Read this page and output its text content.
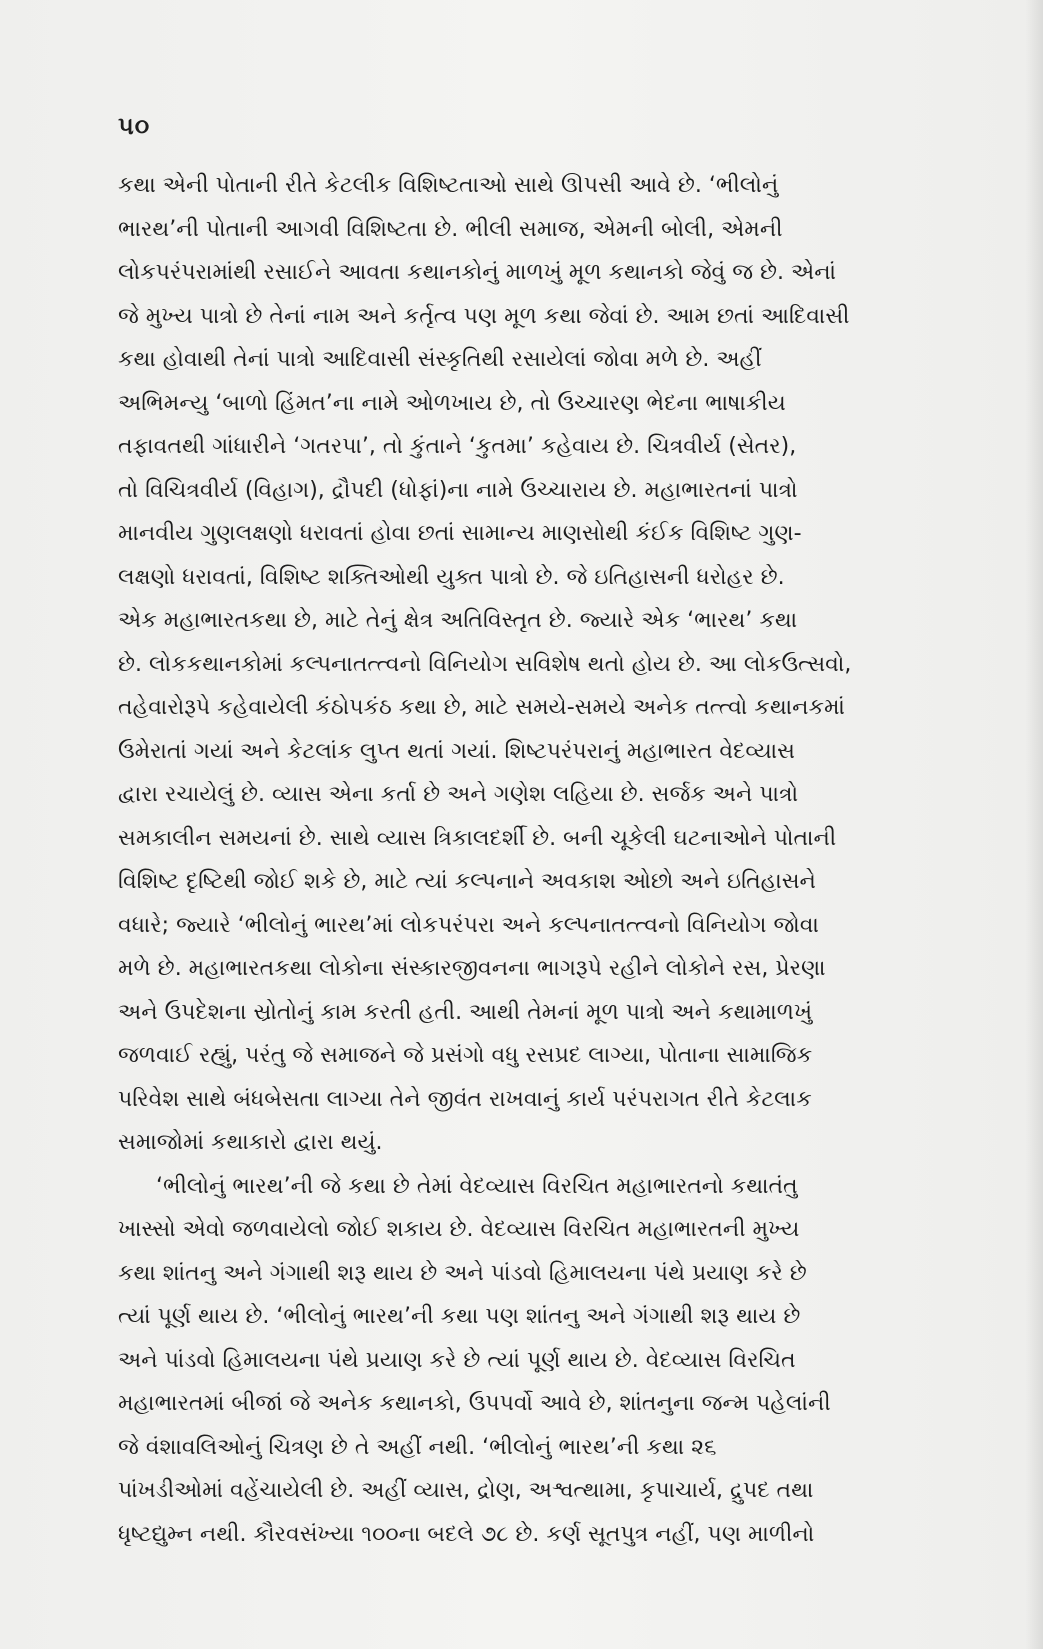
૫૦
કથા એની પોતાની રીતે કેટલીક વિશિષ્ટતાઓ સાથે ઊપસી આવે છે. ‘ભીલોનું
ભારથ’ની પોતાની આગવી વિશિષ્ટતા છે. ભીલી સમાજ, એમની બોલી, એમની
લોકપરંપરામાંથી રસાઈને આવતા કથાનકોનું માળખું મૂળ કથાનકો જેવું જ છે. એનાં
જે મુખ્ય પાત્રો છે તેનાં નામ અને કર્તૃત્વ પણ મૂળ કથા જેવાં છે. આમ છતાં આદિવાસી
કથા હોવાથી તેનાં પાત્રો આદિવાસી સંસ્કૃતિથી રસાયેલાં જોવા મળે છે. અહીં
અભિમન્યુ ‘બાળો હિંમત’ના નામે ઓળખાય છે, તો ઉચ્ચારણ ભેદના ભાષાકીય
તફાવતથી ગાંધારીને ‘ગતરપા’, તો કુંતાને ‘કુતમા’ કહેવાય છે. ચિત્રવીર્ય (સેતર),
તો વિચિત્રવીર્ય (વિહાગ), દ્રૌપદી (ધોફાં)ના નામે ઉચ્ચારાય છે. મહાભારતનાં પાત્રો
માનવીય ગુણલક્ષણો ધરાવતાં હોવા છતાં સામાન્ય માણસોથી કંઈક વિશિષ્ટ ગુણ-
લક્ષણો ધરાવતાં, વિશિષ્ટ શક્તિઓથી યુક્ત પાત્રો છે. જે ઇતિહાસની ધરોહર છે.
એક મહાભારતકથા છે, માટે તેનું ક્ષેત્ર અતિવિસ્તૃત છે. જ્યારે એક ‘ભારથ’ કથા
છે. લોકકથાનકોમાં કલ્પનાતત્ત્વનો વિનિયોગ સવિશેષ થતો હોય છે. આ લોકઉત્સવો,
તહેવારોરૂપે કહેવાયેલી કંઠોપકંઠ કથા છે, માટે સમયે-સમયે અનેક તત્ત્વો કથાનકમાં
ઉમેરાતાં ગયાં અને કેટલાંક લુપ્ત થતાં ગયાં. શિષ્ટપરંપરાનું મહાભારત વેદવ્યાસ
દ્વારા રચાયેલું છે. વ્યાસ એના કર્તા છે અને ગણેશ લહિયા છે. સર્જક અને પાત્રો
સમકાલીન સમયનાં છે. સાથે વ્યાસ ત્રિકાલદર્શી છે. બની ચૂકેલી ઘટનાઓને પોતાની
વિશિષ્ટ દૃષ્ટિથી જોઈ શકે છે, માટે ત્યાં કલ્પનાને અવકાશ ઓછો અને ઇતિહાસને
વધારે; જ્યારે ‘ભીલોનું ભારથ’માં લોકપરંપરા અને કલ્પનાતત્ત્વનો વિનિયોગ જોવા
મળે છે. મહાભારતકથા લોકોના સંસ્કારજીવનના ભાગરૂપે રહીને લોકોને રસ, પ્રેરણા
અને ઉપદેશના સ્રોતોનું કામ કરતી હતી. આથી તેમનાં મૂળ પાત્રો અને કથામાળખું
જળવાઈ રહ્યું, પરંતુ જે સમાજને જે પ્રસંગો વધુ રસપ્રદ લાગ્યા, પોતાના સામાજિક
પરિવેશ સાથે બંધબેસતા લાગ્યા તેને જીવંત રાખવાનું કાર્ય પરંપરાગત રીતે કેટલાક
સમાજોમાં કથાકારો દ્વારા થયું.
‘ભીલોનું ભારથ’ની જે કથા છે તેમાં વેદવ્યાસ વિરચિત મહાભારતનો કથાતંતુ
ખાસ્સો એવો જળવાયેલો જોઈ શકાય છે. વેદવ્યાસ વિરચિત મહાભારતની મુખ્ય
કથા શાંતનુ અને ગંગાથી શરૂ થાય છે અને પાંડવો હિમાલયના પંથે પ્રયાણ કરે છે
ત્યાં પૂર્ણ થાય છે. ‘ભીલોનું ભારથ’ની કથા પણ શાંતનુ અને ગંગાથી શરૂ થાય છે
અને પાંડવો હિમાલયના પંથે પ્રયાણ કરે છે ત્યાં પૂર્ણ થાય છે. વેદવ્યાસ વિરચિત
મહાભારતમાં બીજાં જે અનેક કથાનકો, ઉપપર્વો આવે છે, શાંતનુના જન્મ પહેલાંની
જે વંશાવલિઓનું ચિત્રણ છે તે અહીં નથી. ‘ભીલોનું ભારથ’ની કથા ૨૬
પાંખડીઓમાં વહેંચાયેલી છે. અહીં વ્યાસ, દ્રોણ, અશ્વત્થામા, કૃપાચાર્ય, દ્રુપદ તથા
ધૃષ્ટદ્યુમ્ન નથી. કૌરવસંખ્યા ૧૦૦ના બદલે ૭૮ છે. કર્ણ સૂતપુત્ર નહીં, પણ માળીનો
